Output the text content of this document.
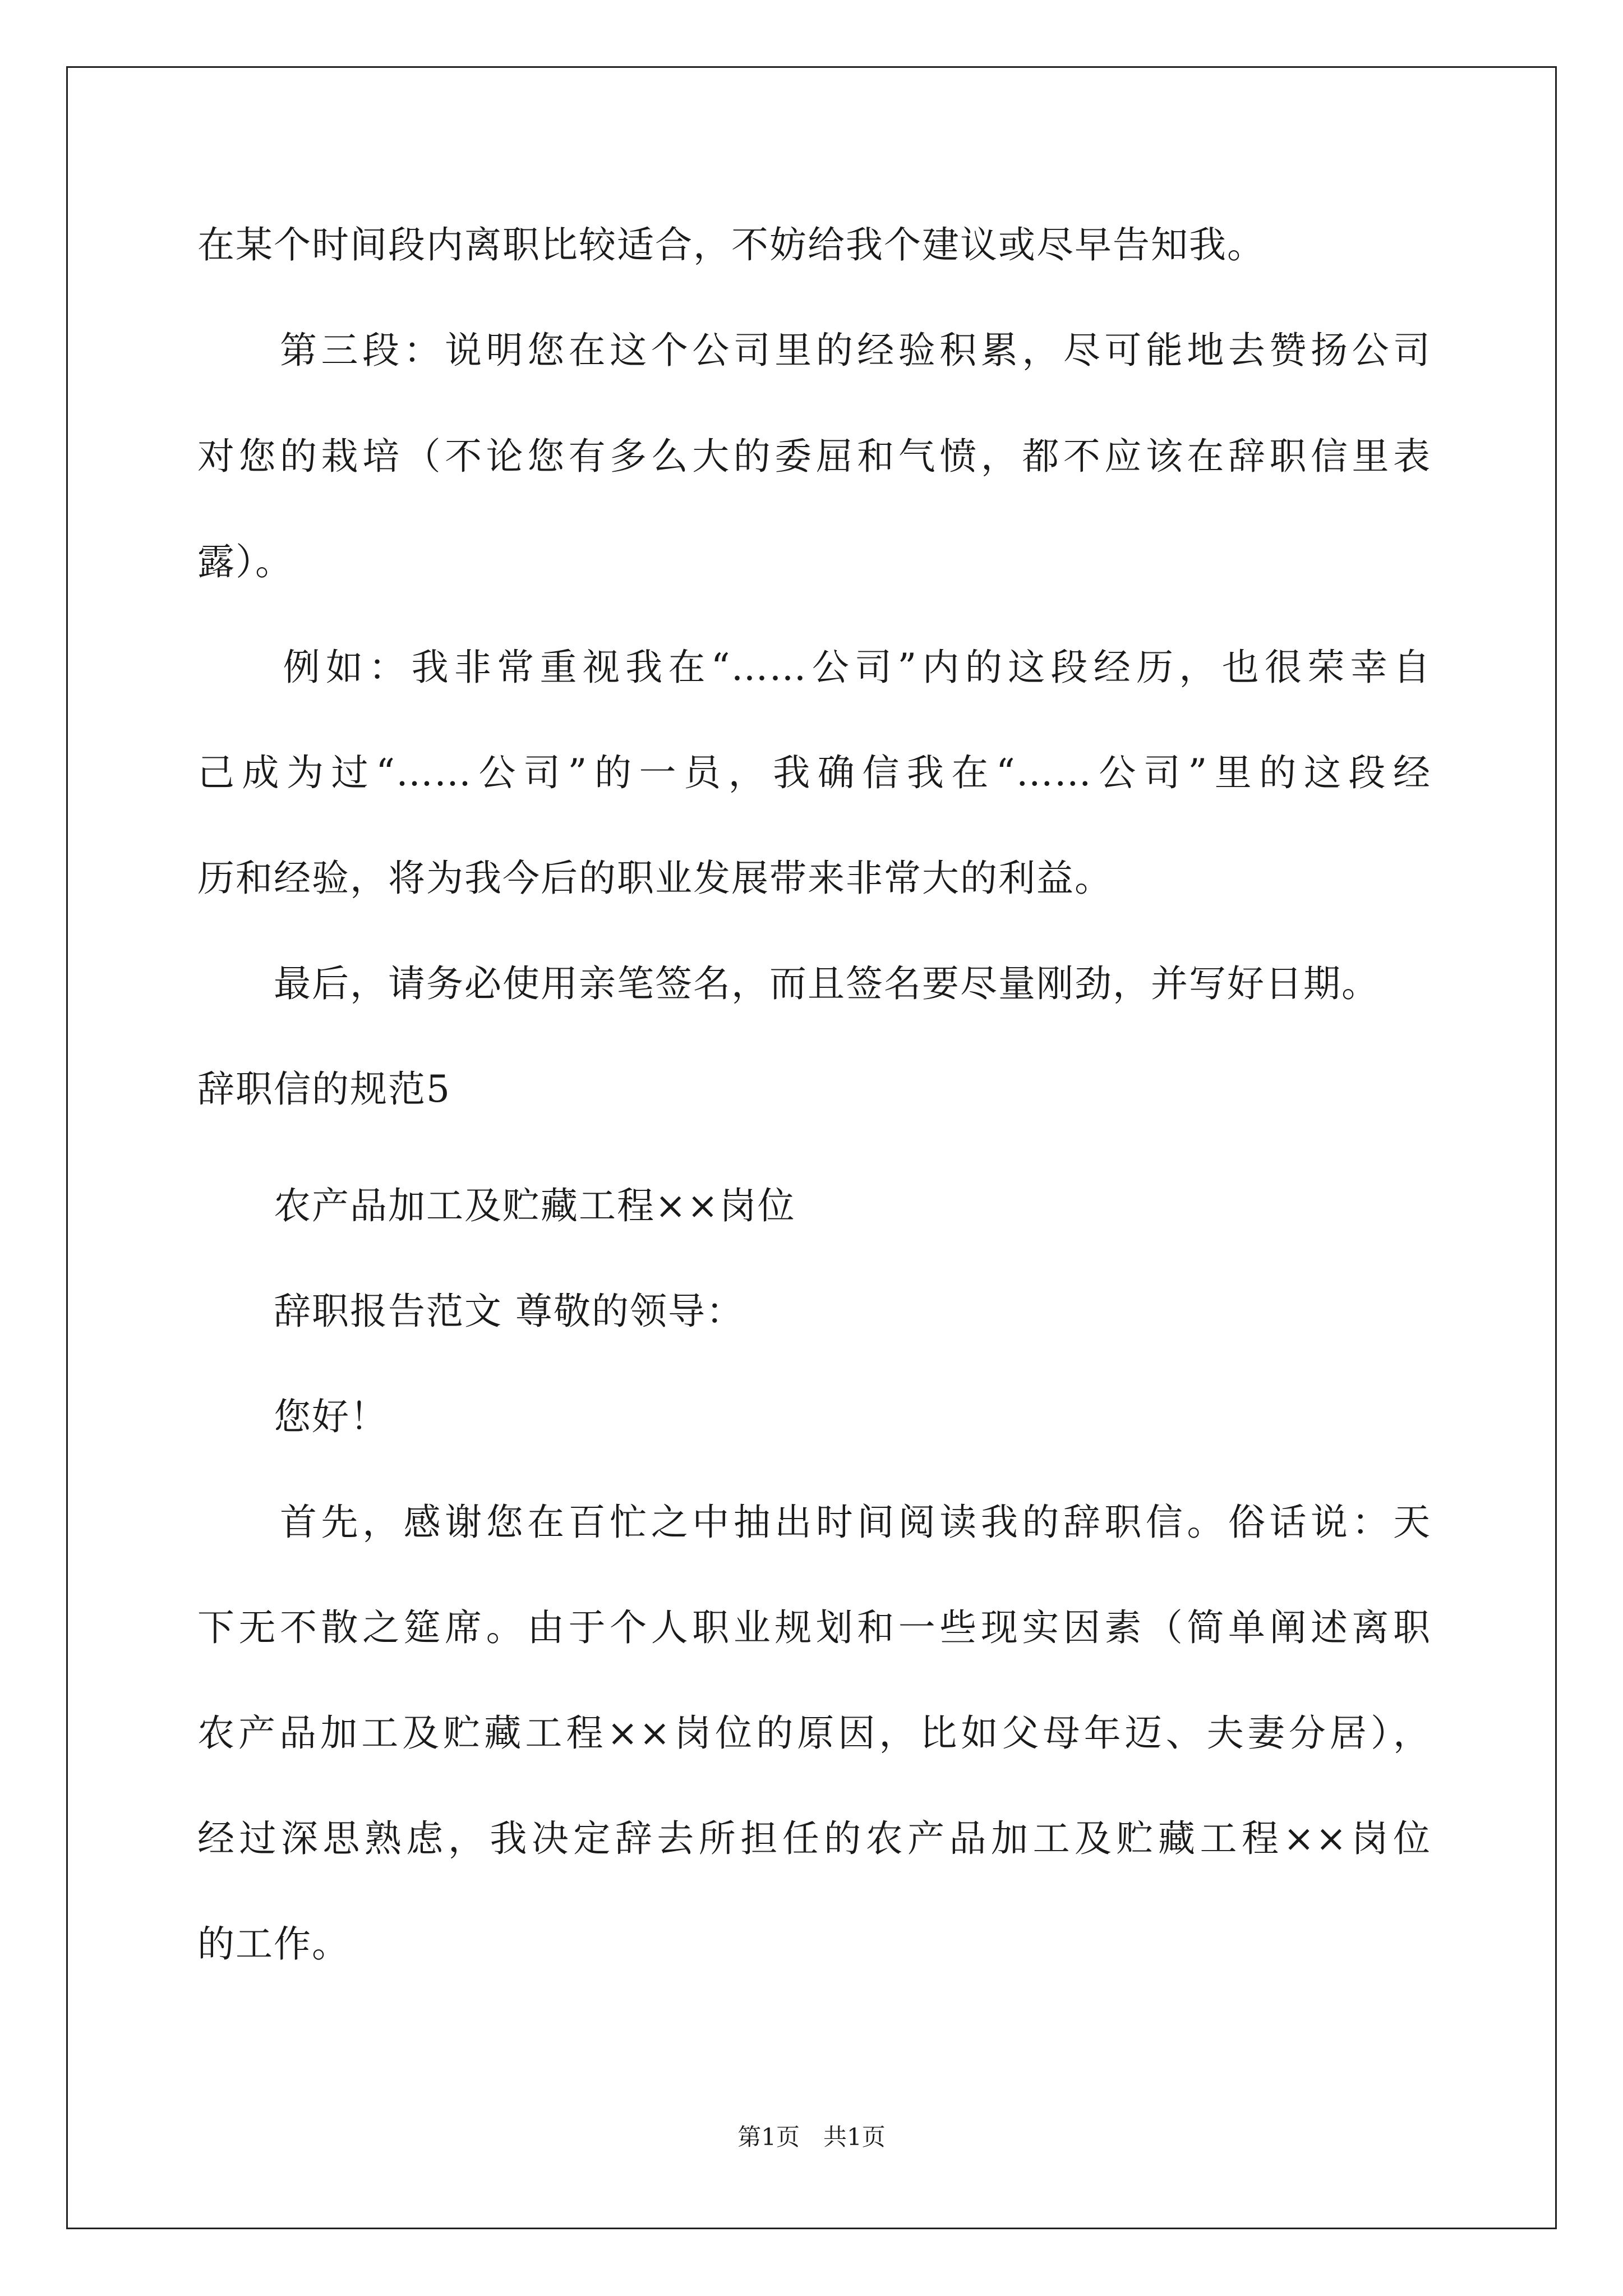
在某个时间段内离职比较适合，不妨给我个建议或尽早告知我。
　　第三段：说明您在这个公司里的经验积累，尽可能地去赞扬公司
对您的栽培（不论您有多么大的委屈和气愤，都不应该在辞职信里表
露）。
　　例如：我非常重视我在“……公司”内的这段经历，也很荣幸自
己成为过“……公司”的一员，我确信我在“……公司”里的这段经
历和经验，将为我今后的职业发展带来非常大的利益。
　　最后，请务必使用亲笔签名，而且签名要尽量刚劲，并写好日期。
辞职信的规范5
　　农产品加工及贮藏工程××岗位
　　辞职报告范文 尊敬的领导：
　　您好！
　　首先，感谢您在百忙之中抽出时间阅读我的辞职信。俗话说：天
下无不散之筵席。由于个人职业规划和一些现实因素（简单阐述离职
农产品加工及贮藏工程××岗位的原因，比如父母年迈、夫妻分居），
经过深思熟虑，我决定辞去所担任的农产品加工及贮藏工程××岗位
的工作。
第1页　共1页
